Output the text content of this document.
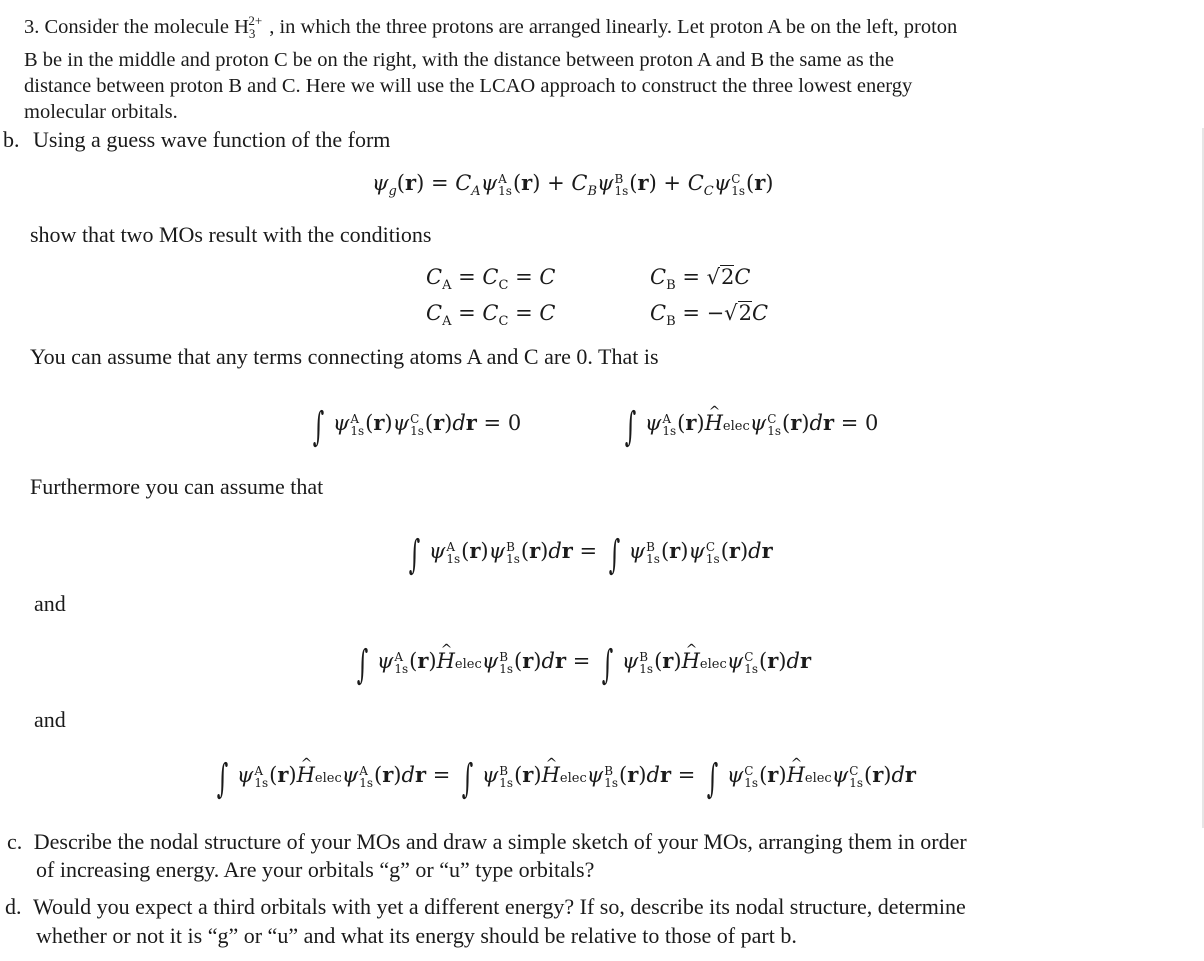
3. Consider the molecule $H_3^{2+}$ , in which the three protons are arranged linearly. Let proton A be on the left, proton
B be in the middle and proton C be on the right, with the distance between proton A and B the same as the
distance between proton B and C. Here we will use the LCAO approach to construct the three lowest energy
molecular orbitals.
b. Using a guess wave function of the form
$\psi_g(r) = C_A\psi$ A
1s $(r) + C_B\psi$ B
1s $(r) + C_C\psi$ C
1s (r)
show that two MOs result with the conditions
$C_A = C_C = C$	$C_B = √2C$
$C_A = C_C = C$	$C_B = -√2C$
You can assume that any terms connecting atoms A and C are 0. That is
∫ ψ A
1s (r)ψ C
1s (r)dr = 0	∫ ψ A
1s (r)^ Helecψ C
1s (r)dr = 0
Furthermore you can assume that
∫ ψ A
1s (r)ψ B
1s (r)dr = ∫ ψ B
1s (r)ψ C
1s (r)dr
and
∫ ψ A
1s (r)^ Helecψ B
1s (r)dr = ∫ ψ B
1s (r)^ Helecψ C
1s (r)dr
and
∫ ψ A
1s (r)^ Helecψ A
1s (r)dr = ∫ ψ B
1s (r)^ Helecψ B
1s (r)dr = ∫ ψ C
1s (r)^ Helecψ C
1s (r)dr
c. Describe the nodal structure of your MOs and draw a simple sketch of your MOs, arranging them in order
of increasing energy. Are your orbitals “g” or “u” type orbitals?
d. Would you expect a third orbitals with yet a different energy? If so, describe its nodal structure, determine
whether or not it is “g” or “u” and what its energy should be relative to those of part b.
